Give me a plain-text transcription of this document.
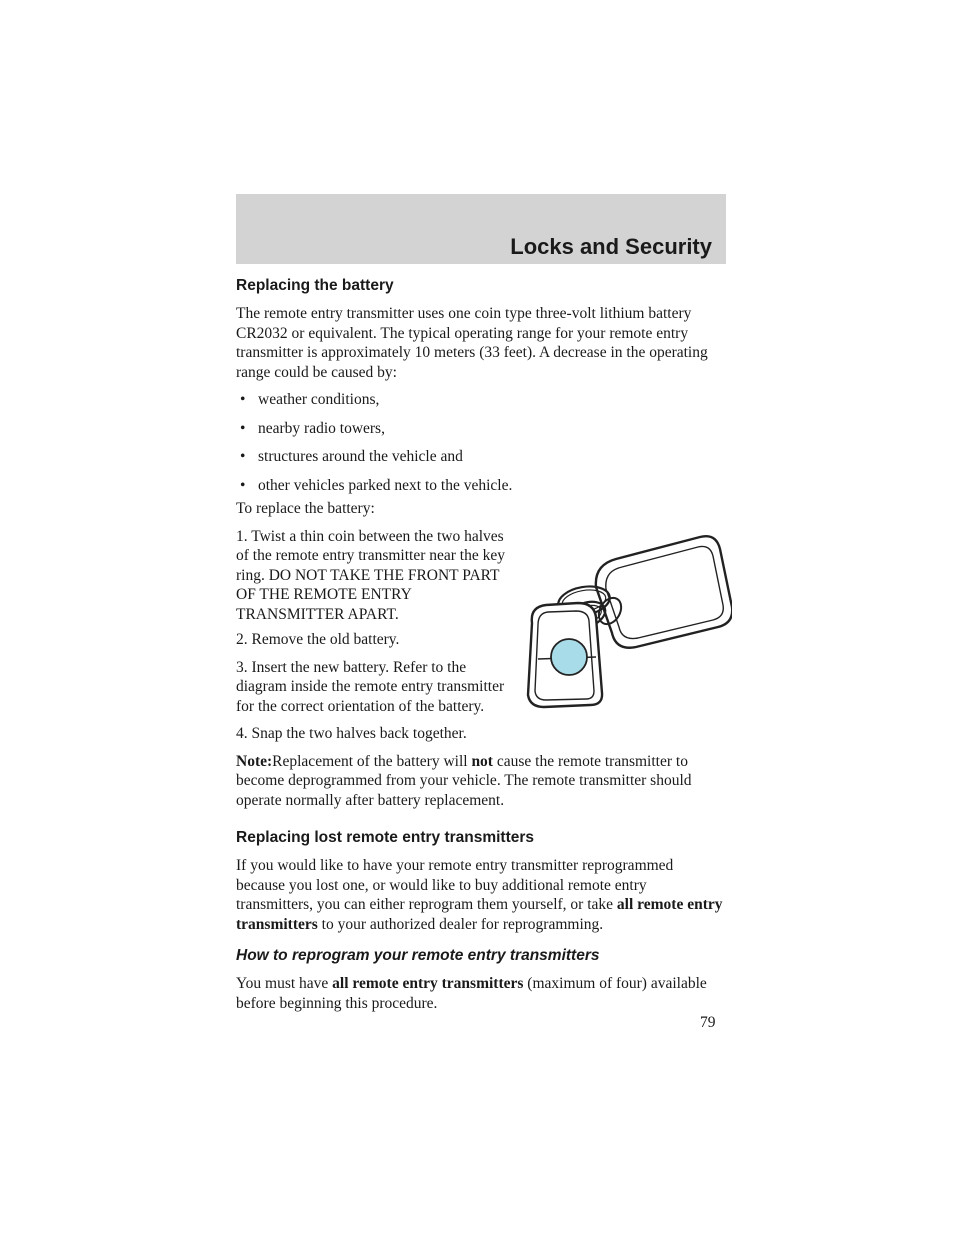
Locks and Security
Replacing the battery

The remote entry transmitter uses one coin type three-volt lithium battery CR2032 or equivalent. The typical operating range for your remote entry transmitter is approximately 10 meters (33 feet). A decrease in the operating range could be caused by:

• weather conditions,
• nearby radio towers,
• structures around the vehicle and
• other vehicles parked next to the vehicle.

To replace the battery:

1. Twist a thin coin between the two halves of the remote entry transmitter near the key ring. DO NOT TAKE THE FRONT PART OF THE REMOTE ENTRY TRANSMITTER APART.

2. Remove the old battery.

3. Insert the new battery. Refer to the diagram inside the remote entry transmitter for the correct orientation of the battery.

4. Snap the two halves back together.

Note:Replacement of the battery will not cause the remote transmitter to become deprogrammed from your vehicle. The remote transmitter should operate normally after battery replacement.

Replacing lost remote entry transmitters

If you would like to have your remote entry transmitter reprogrammed because you lost one, or would like to buy additional remote entry transmitters, you can either reprogram them yourself, or take all remote entry transmitters to your authorized dealer for reprogramming.

How to reprogram your remote entry transmitters

You must have all remote entry transmitters (maximum of four) available before beginning this procedure.

79
